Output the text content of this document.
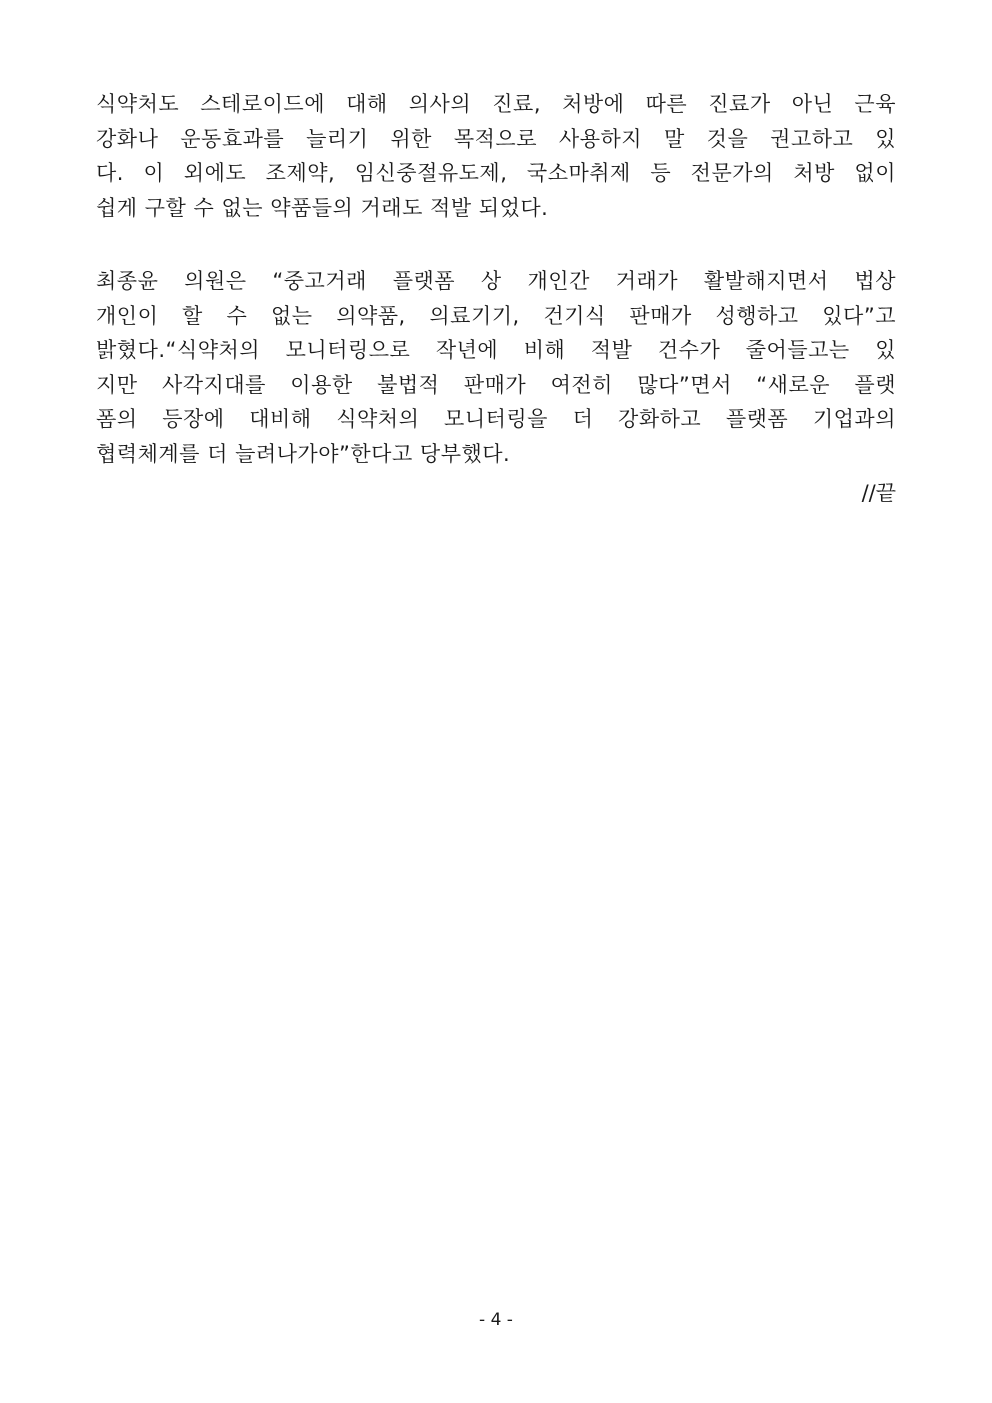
식약처도 스테로이드에 대해 의사의 진료, 처방에 따른 진료가 아닌 근육
강화나 운동효과를 늘리기 위한 목적으로 사용하지 말 것을 권고하고 있
다. 이 외에도 조제약, 임신중절유도제, 국소마취제 등 전문가의 처방 없이
쉽게 구할 수 없는 약품들의 거래도 적발 되었다.
최종윤 의원은 “중고거래 플랫폼 상 개인간 거래가 활발해지면서 법상
개인이 할 수 없는 의약품, 의료기기, 건기식 판매가 성행하고 있다”고
밝혔다.“식약처의 모니터링으로 작년에 비해 적발 건수가 줄어들고는 있
지만 사각지대를 이용한 불법적 판매가 여전히 많다”면서 “새로운 플랫
폼의 등장에 대비해 식약처의 모니터링을 더 강화하고 플랫폼 기업과의
협력체계를 더 늘려나가야”한다고 당부했다.
//끝
- 4 -
